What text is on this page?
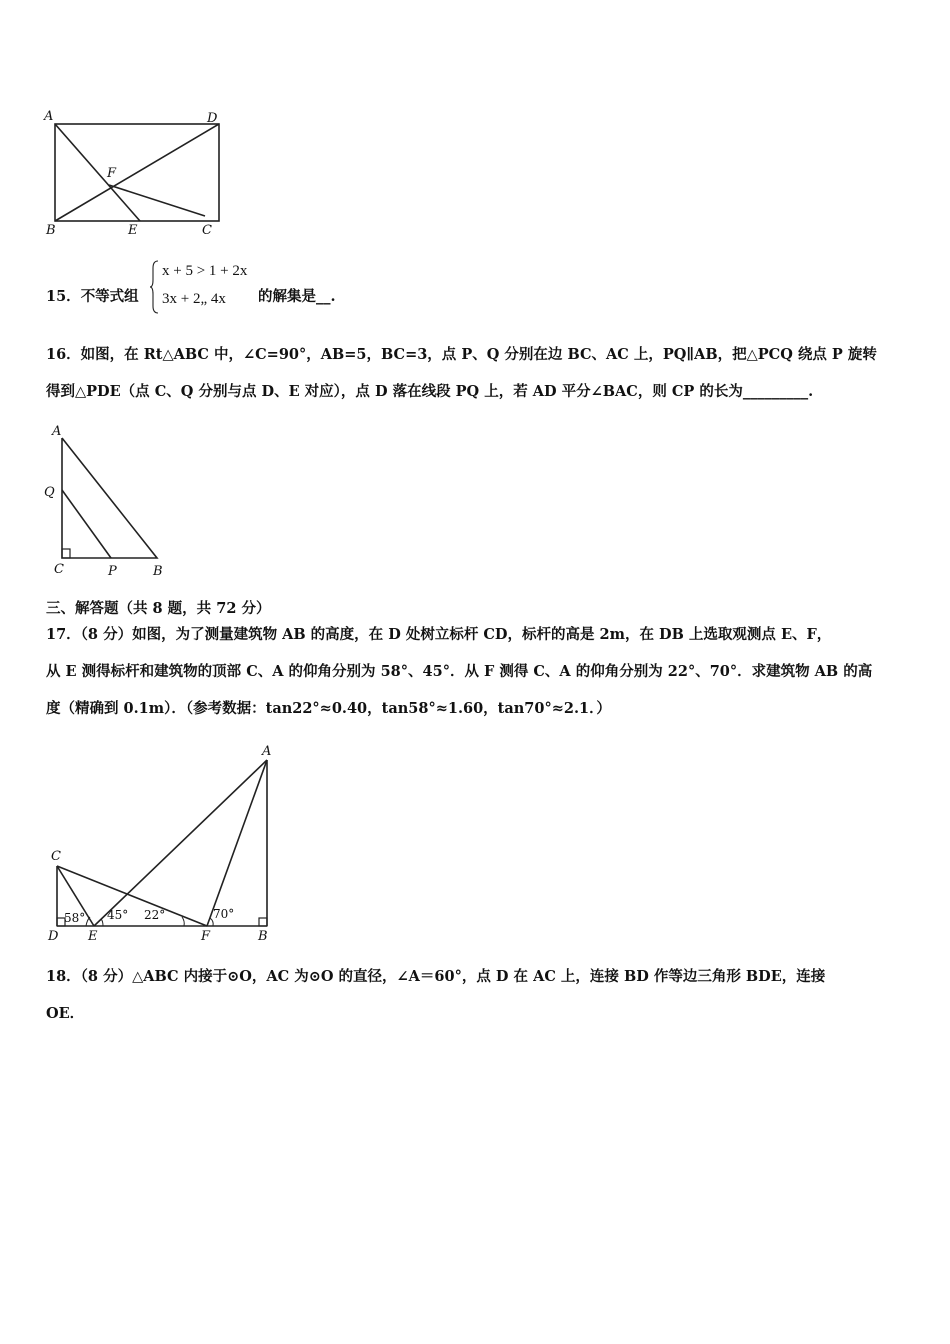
A	D
F
B	E	C
15．不等式组
x + 5 > 1 + 2x
3x + 2„ 4x 的解集是__.
16．如图，在 Rt△ABC 中，∠C=90°，AB=5，BC=3，点 P、Q 分别在边 BC、AC 上，PQ∥AB，把△PCQ 绕点 P 旋转
得到△PDE（点 C、Q 分别与点 D、E 对应），点 D 落在线段 PQ 上，若 AD 平分∠BAC，则 CP 的长为_________.
A
Q
C	P	B
三、解答题（共 8 题，共 72 分）
17．（8 分）如图，为了测量建筑物 AB 的高度，在 D 处树立标杆 CD，标杆的高是 2m，在 DB 上选取观测点 E、F，
从 E 测得标杆和建筑物的顶部 C、A 的仰角分别为 58°、45°．从 F 测得 C、A 的仰角分别为 22°、70°．求建筑物 AB 的高
度（精确到 0.1m）．（参考数据：tan22°≈0.40，tan58°≈1.60，tan70°≈2.1．）
58° 45° 22°	70°
A
C
D E	F	B
18．（8 分）△ABC 内接于⊙O，AC 为⊙O 的直径，∠A＝60°，点 D 在 AC 上，连接 BD 作等边三角形 BDE，连接
OE．
